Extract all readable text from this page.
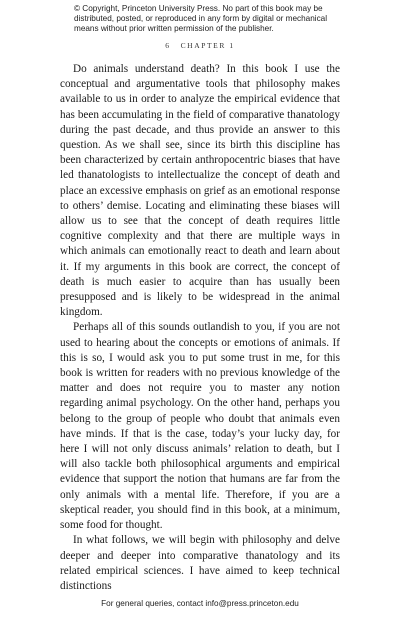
© Copyright, Princeton University Press. No part of this book may be distributed, posted, or reproduced in any form by digital or mechanical means without prior written permission of the publisher.
6 CHAPTER 1

Do animals understand death? In this book I use the conceptual and argumentative tools that philosophy makes available to us in order to analyze the empirical evidence that has been accumulating in the field of comparative thanatology during the past decade, and thus provide an answer to this question. As we shall see, since its birth this discipline has been characterized by certain anthropocentric biases that have led thanatologists to intellectualize the concept of death and place an excessive emphasis on grief as an emotional response to others’ demise. Locating and eliminating these biases will allow us to see that the concept of death requires little cognitive complexity and that there are multiple ways in which animals can emotionally react to death and learn about it. If my arguments in this book are correct, the concept of death is much easier to acquire than has usually been presupposed and is likely to be widespread in the animal kingdom.

Perhaps all of this sounds outlandish to you, if you are not used to hearing about the concepts or emotions of animals. If this is so, I would ask you to put some trust in me, for this book is written for readers with no previous knowledge of the matter and does not require you to master any notion regarding animal psychology. On the other hand, perhaps you belong to the group of people who doubt that animals even have minds. If that is the case, today’s your lucky day, for here I will not only discuss animals’ relation to death, but I will also tackle both philosophical arguments and empirical evidence that support the notion that humans are far from the only animals with a mental life. Therefore, if you are a skeptical reader, you should find in this book, at a minimum, some food for thought.

In what follows, we will begin with philosophy and delve deeper and deeper into comparative thanatology and its related empirical sciences. I have aimed to keep technical distinctions

For general queries, contact info@press.princeton.edu
